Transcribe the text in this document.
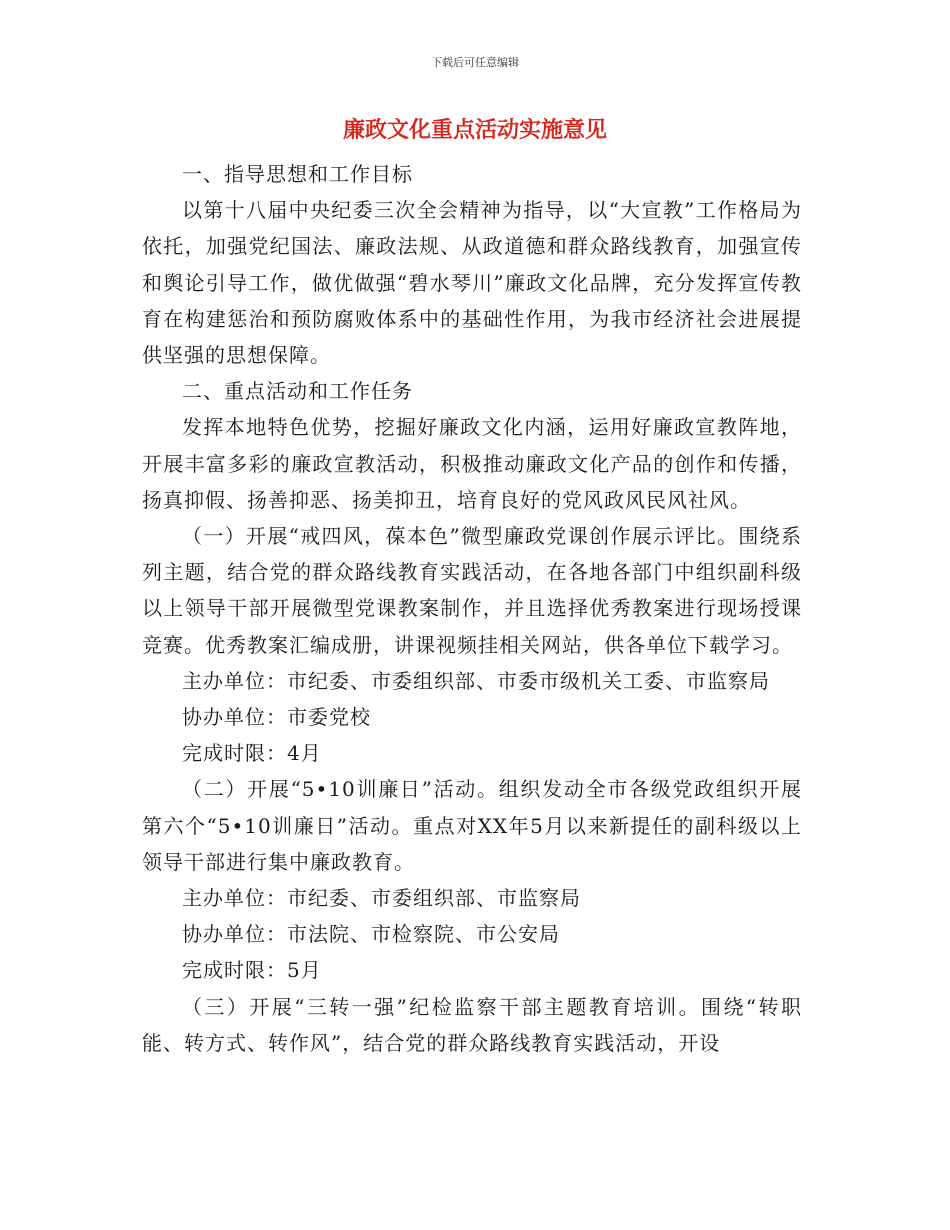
下载后可任意编辑
廉政文化重点活动实施意见

一、指导思想和工作目标

以第十八届中央纪委三次全会精神为指导，以“大宣教”工作格局为依托，加强党纪国法、廉政法规、从政道德和群众路线教育，加强宣传和舆论引导工作，做优做强“碧水琴川”廉政文化品牌，充分发挥宣传教育在构建惩治和预防腐败体系中的基础性作用，为我市经济社会进展提供坚强的思想保障。

二、重点活动和工作任务

发挥本地特色优势，挖掘好廉政文化内涵，运用好廉政宣教阵地，开展丰富多彩的廉政宣教活动，积极推动廉政文化产品的创作和传播，扬真抑假、扬善抑恶、扬美抑丑，培育良好的党风政风民风社风。

（一）开展“戒四风，葆本色”微型廉政党课创作展示评比。围绕系列主题，结合党的群众路线教育实践活动，在各地各部门中组织副科级以上领导干部开展微型党课教案制作，并且选择优秀教案进行现场授课竞赛。优秀教案汇编成册，讲课视频挂相关网站，供各单位下载学习。

主办单位：市纪委、市委组织部、市委市级机关工委、市监察局

协办单位：市委党校

完成时限：4月

（二）开展“5•10训廉日”活动。组织发动全市各级党政组织开展第六个“5•10训廉日”活动。重点对XX年5月以来新提任的副科级以上领导干部进行集中廉政教育。

主办单位：市纪委、市委组织部、市监察局

协办单位：市法院、市检察院、市公安局

完成时限：5月

（三）开展“三转一强”纪检监察干部主题教育培训。围绕“转职能、转方式、转作风”，结合党的群众路线教育实践活动，开设
